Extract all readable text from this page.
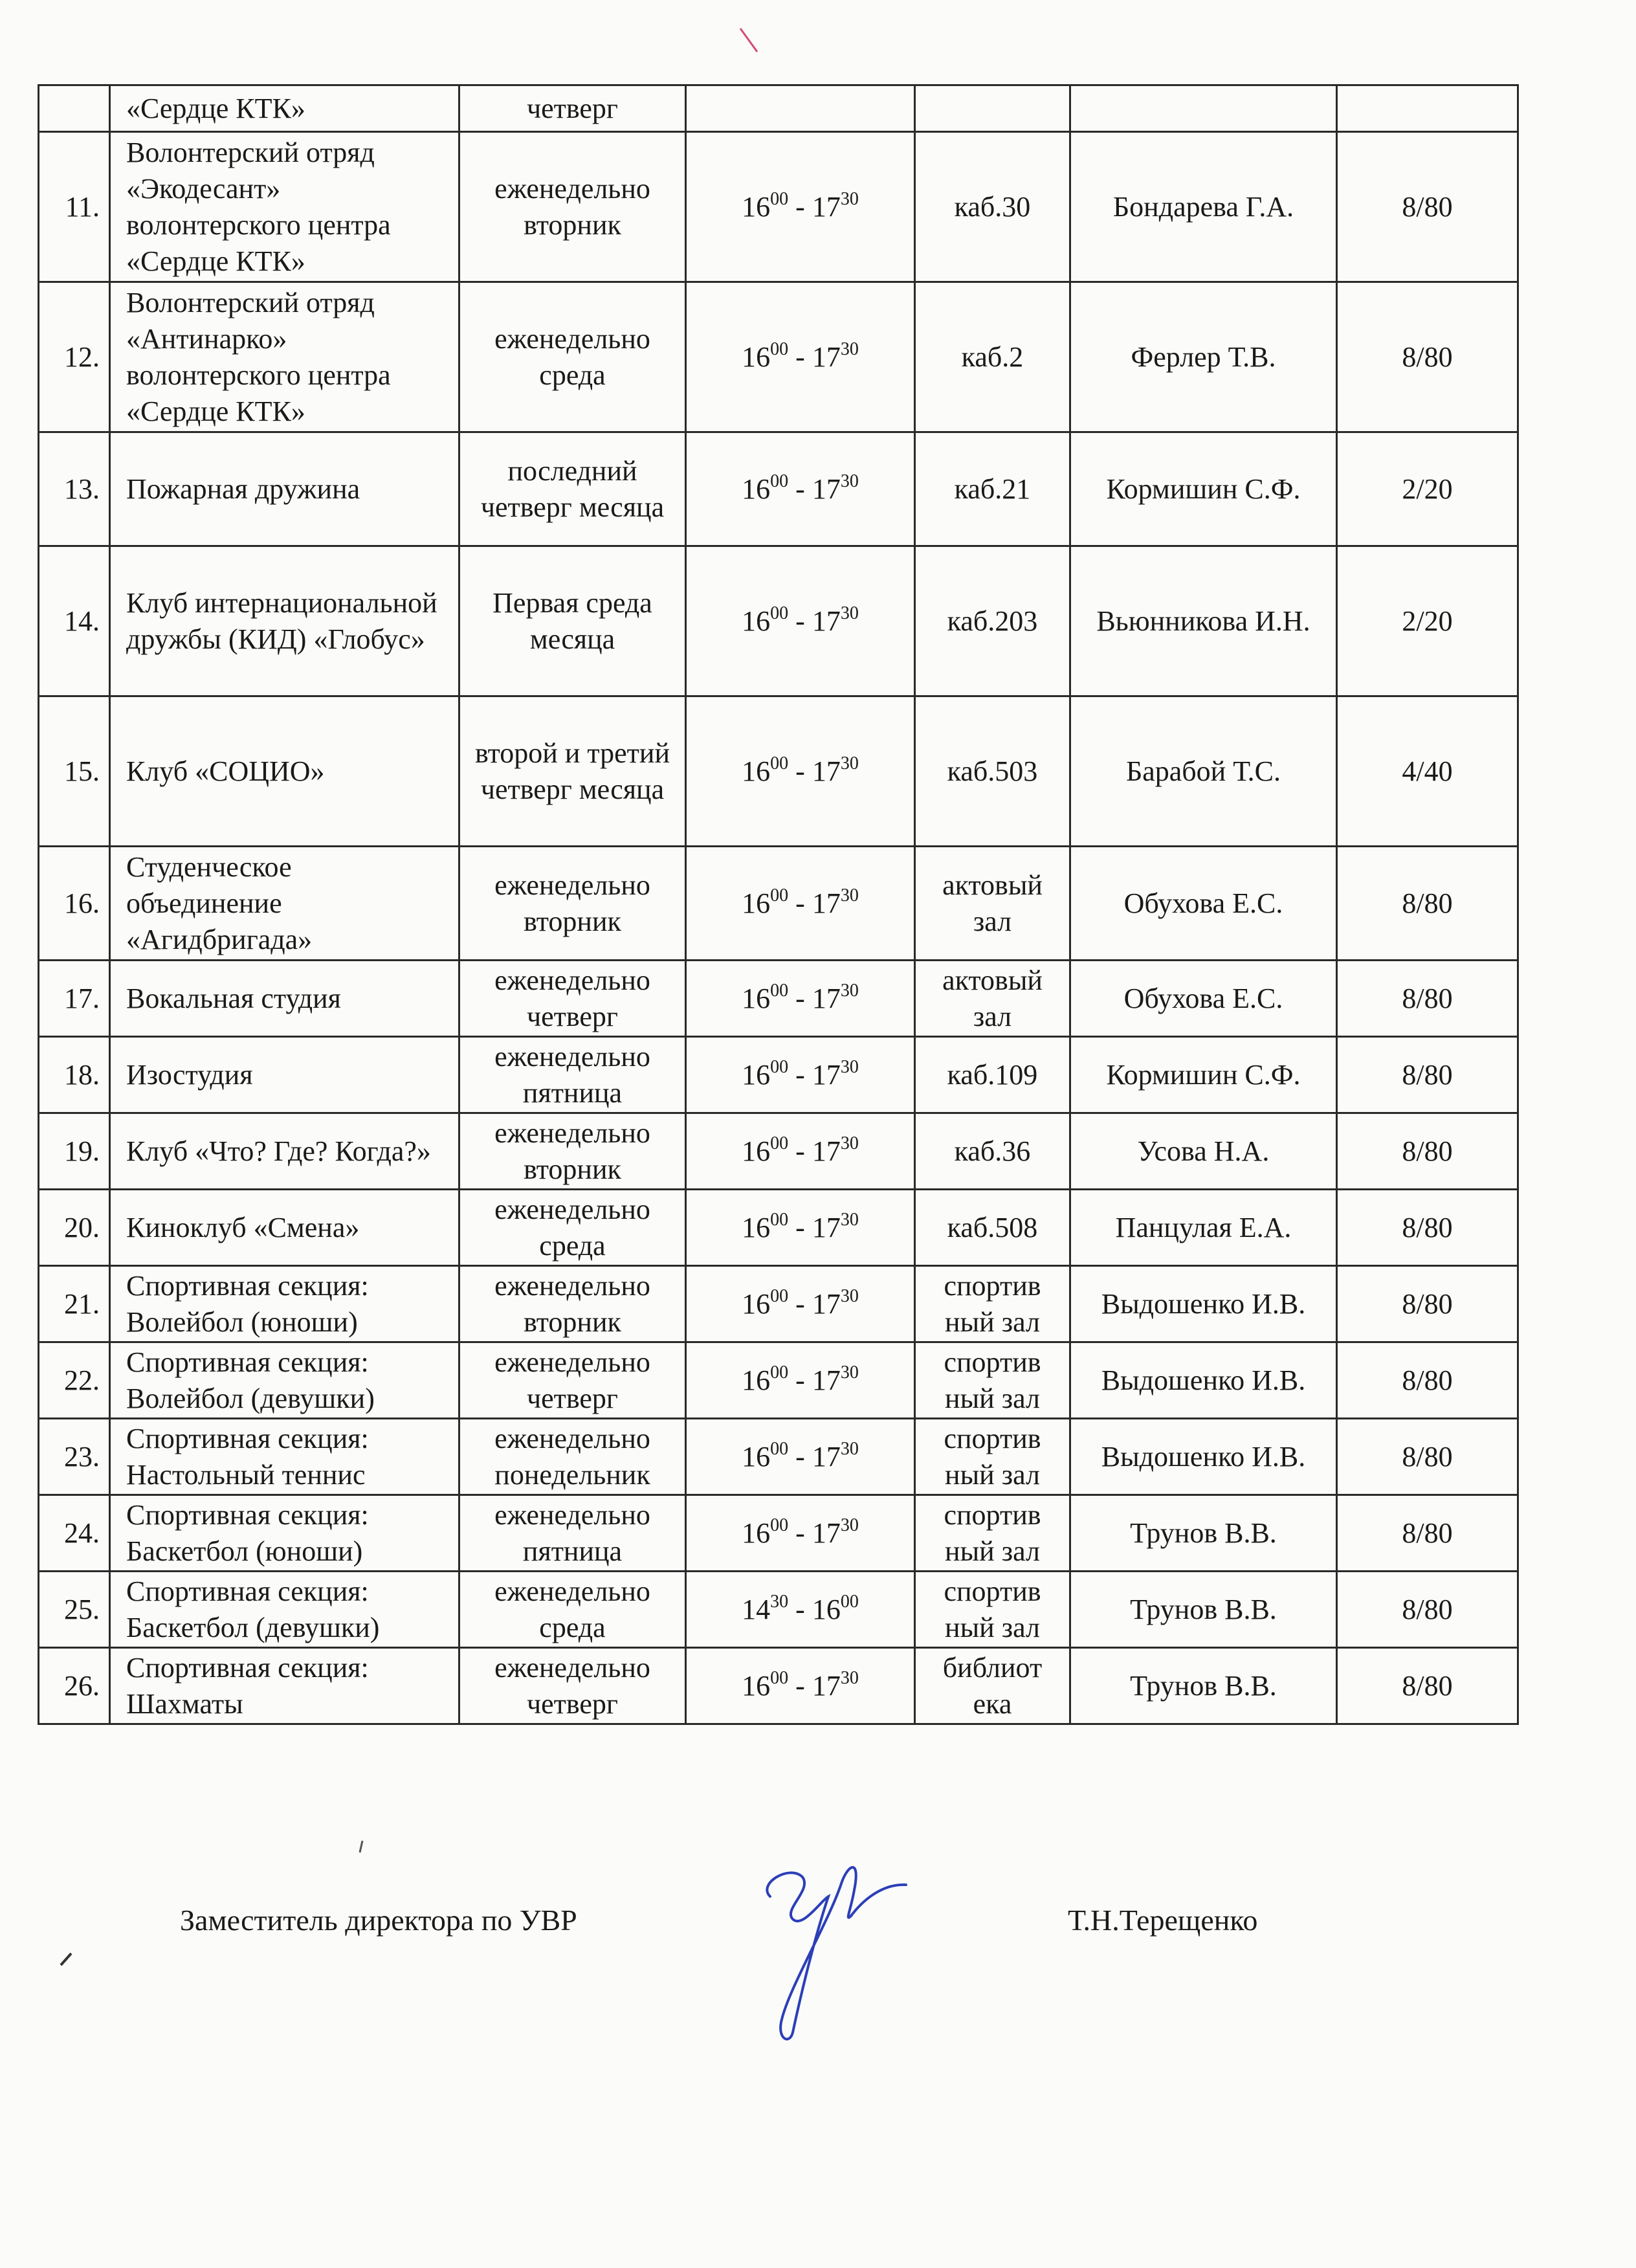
	«Сердце КТК»	четверг				
11.	Волонтерский отряд «Экодесант» волонтерского центра «Сердце КТК»	еженедельно вторник	$16^{00} - 17^{30}$	каб.30	Бондарева Г.А.	8/80
12.	Волонтерский отряд «Антинарко» волонтерского центра «Сердце КТК»	еженедельно среда	$16^{00} - 17^{30}$	каб.2	Ферлер Т.В.	8/80
13.	Пожарная дружина	последний четверг месяца	$16^{00} - 17^{30}$	каб.21	Кормишин С.Ф.	2/20
14.	Клуб интернациональной дружбы (КИД) «Глобус»	Первая среда месяца	$16^{00} - 17^{30}$	каб.203	Вьюнникова И.Н.	2/20
15.	Клуб «СОЦИО»	второй и третий четверг месяца	$16^{00} - 17^{30}$	каб.503	Барабой Т.С.	4/40
16.	Студенческое объединение «Агидбригада»	еженедельно вторник	$16^{00} - 17^{30}$	актовый зал	Обухова Е.С.	8/80
17.	Вокальная студия	еженедельно четверг	$16^{00} - 17^{30}$	актовый зал	Обухова Е.С.	8/80
18.	Изостудия	еженедельно пятница	$16^{00} - 17^{30}$	каб.109	Кормишин С.Ф.	8/80
19.	Клуб «Что? Где? Когда?»	еженедельно вторник	$16^{00} - 17^{30}$	каб.36	Усова Н.А.	8/80
20.	Киноклуб «Смена»	еженедельно среда	$16^{00} - 17^{30}$	каб.508	Панцулая Е.А.	8/80
21.	Спортивная секция: Волейбол (юноши)	еженедельно вторник	$16^{00} - 17^{30}$	спортив ный зал	Выдошенко И.В.	8/80
22.	Спортивная секция: Волейбол (девушки)	еженедельно четверг	$16^{00} - 17^{30}$	спортив ный зал	Выдошенко И.В.	8/80
23.	Спортивная секция: Настольный теннис	еженедельно понедельник	$16^{00} - 17^{30}$	спортив ный зал	Выдошенко И.В.	8/80
24.	Спортивная секция: Баскетбол (юноши)	еженедельно пятница	$16^{00} - 17^{30}$	спортив ный зал	Трунов В.В.	8/80
25.	Спортивная секция: Баскетбол (девушки)	еженедельно среда	$14^{30} - 16^{00}$	спортив ный зал	Трунов В.В.	8/80
26.	Спортивная секция: Шахматы	еженедельно четверг	$16^{00} - 17^{30}$	библиот ека	Трунов В.В.	8/80
Заместитель директора по УВР	Т.Н.Терещенко
